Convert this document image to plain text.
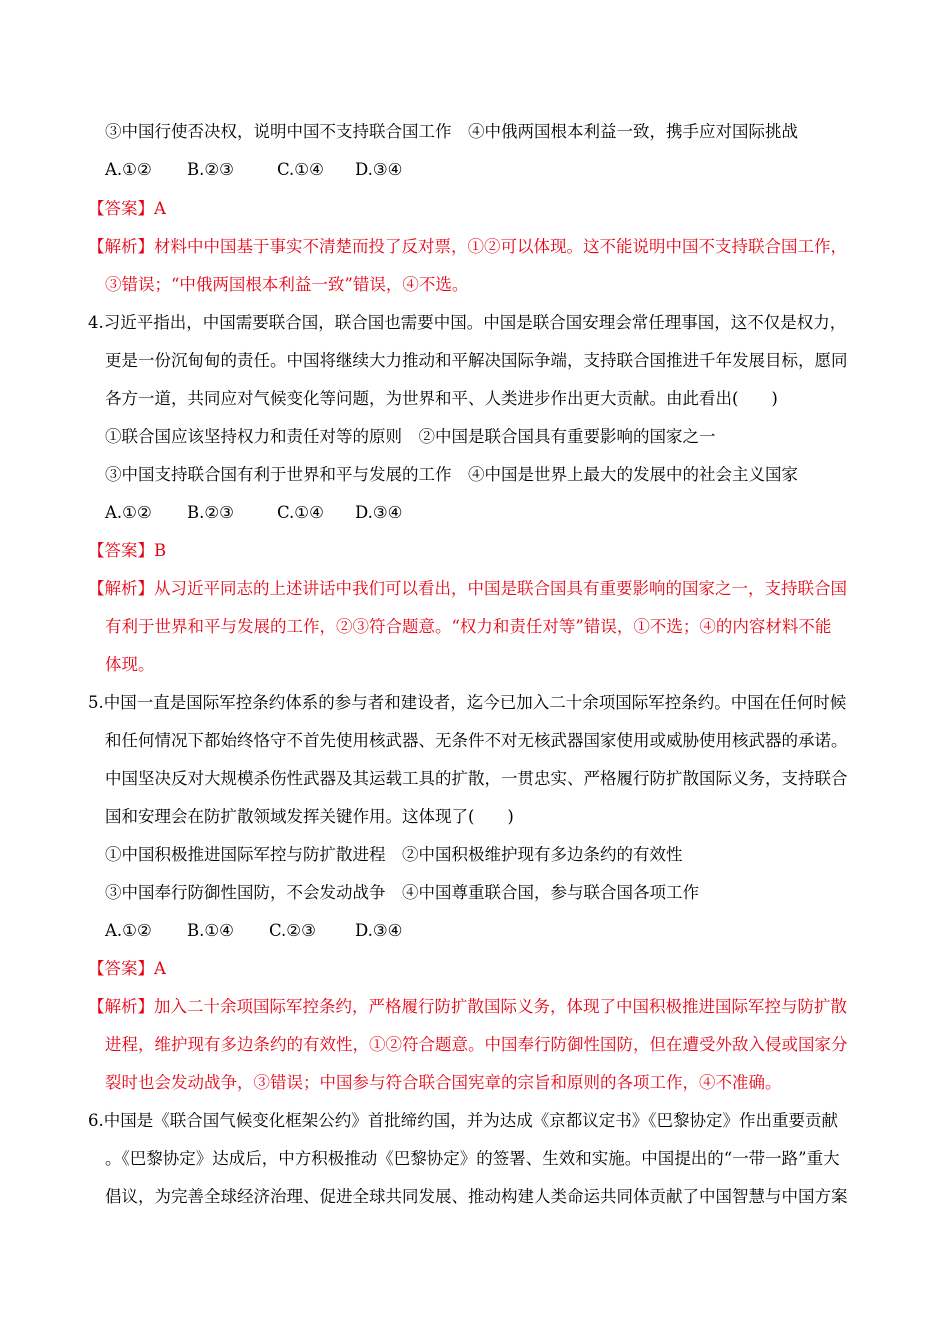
③中国行使否决权，说明中国不支持联合国工作　④中俄两国根本利益一致，携手应对国际挑战
A.①② B.②③	C.①④ D.③④
【答案】A
【解析】材料中中国基于事实不清楚而投了反对票，①②可以体现。这不能说明中国不支持联合国工作，
③错误；“中俄两国根本利益一致”错误，④不选。
4.习近平指出，中国需要联合国，联合国也需要中国。中国是联合国安理会常任理事国，这不仅是权力，
更是一份沉甸甸的责任。中国将继续大力推动和平解决国际争端，支持联合国推进千年发展目标，愿同
各方一道，共同应对气候变化等问题，为世界和平、人类进步作出更大贡献。由此看出(　　)
①联合国应该坚持权力和责任对等的原则　②中国是联合国具有重要影响的国家之一
③中国支持联合国有利于世界和平与发展的工作　④中国是世界上最大的发展中的社会主义国家
A.①② B.②③	C.①④ D.③④
【答案】B
【解析】从习近平同志的上述讲话中我们可以看出，中国是联合国具有重要影响的国家之一，支持联合国
有利于世界和平与发展的工作，②③符合题意。“权力和责任对等”错误，①不选；④的内容材料不能
体现。
5.中国一直是国际军控条约体系的参与者和建设者，迄今已加入二十余项国际军控条约。中国在任何时候
和任何情况下都始终恪守不首先使用核武器、无条件不对无核武器国家使用或威胁使用核武器的承诺。
中国坚决反对大规模杀伤性武器及其运载工具的扩散，一贯忠实、严格履行防扩散国际义务，支持联合
国和安理会在防扩散领域发挥关键作用。这体现了(　　)
①中国积极推进国际军控与防扩散进程　②中国积极维护现有多边条约的有效性
③中国奉行防御性国防，不会发动战争　④中国尊重联合国，参与联合国各项工作
A.①② B.①④ C.②③ D.③④
【答案】A
【解析】加入二十余项国际军控条约，严格履行防扩散国际义务，体现了中国积极推进国际军控与防扩散
进程，维护现有多边条约的有效性，①②符合题意。中国奉行防御性国防，但在遭受外敌入侵或国家分
裂时也会发动战争，③错误；中国参与符合联合国宪章的宗旨和原则的各项工作，④不准确。
6.中国是《联合国气候变化框架公约》首批缔约国，并为达成《京都议定书》《巴黎协定》作出重要贡献
。《巴黎协定》达成后，中方积极推动《巴黎协定》的签署、生效和实施。中国提出的“一带一路”重大
倡议，为完善全球经济治理、促进全球共同发展、推动构建人类命运共同体贡献了中国智慧与中国方案
